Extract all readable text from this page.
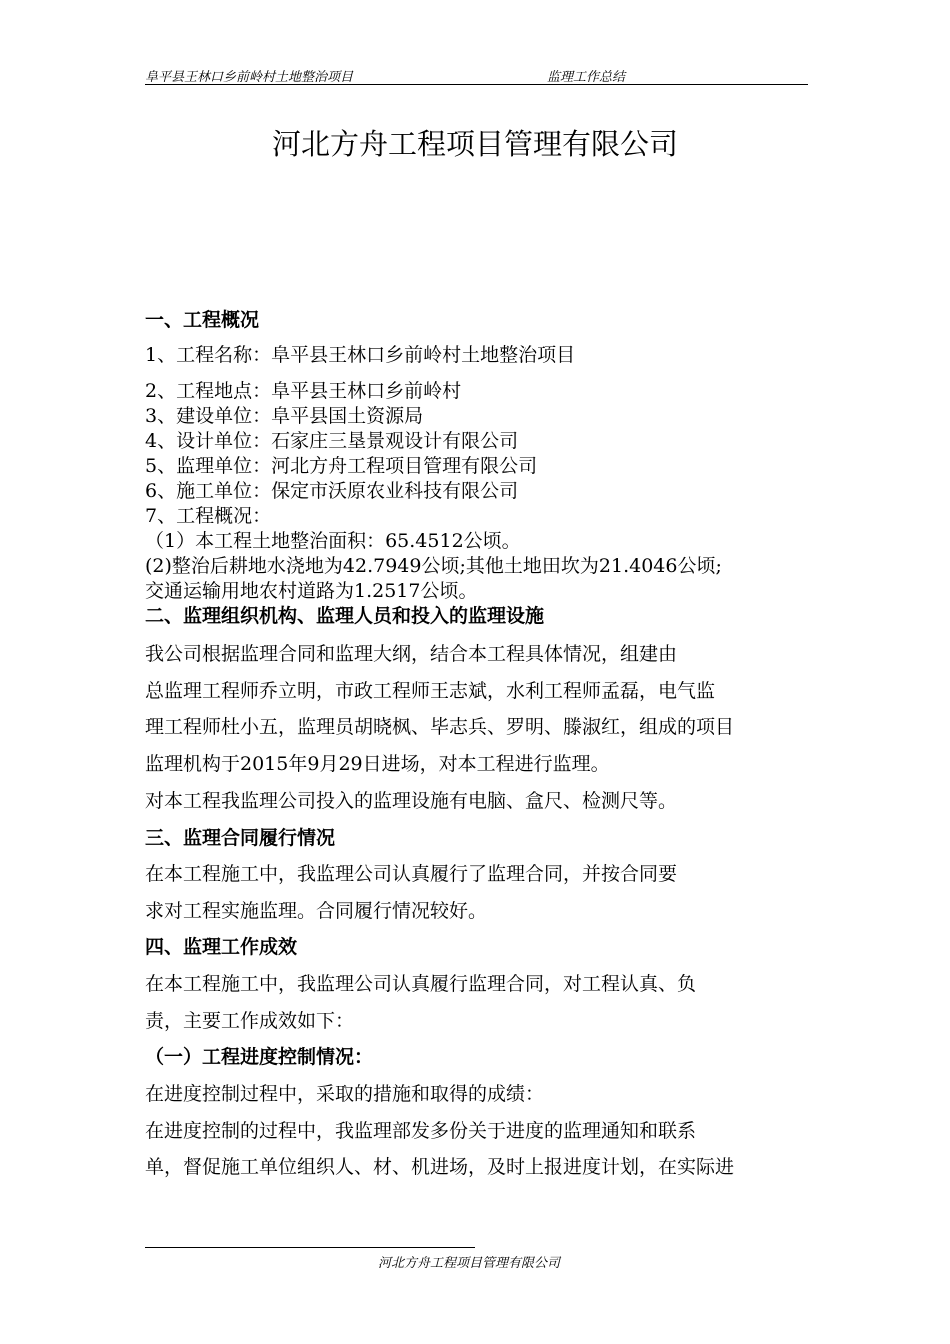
阜平县王林口乡前岭村土地整治项目	监理工作总结
河北方舟工程项目管理有限公司
一、工程概况
1、工程名称：阜平县王林口乡前岭村土地整治项目
2、工程地点：阜平县王林口乡前岭村
3、建设单位：阜平县国土资源局
4、设计单位：石家庄三垦景观设计有限公司
5、监理单位：河北方舟工程项目管理有限公司
6、施工单位：保定市沃原农业科技有限公司
7、工程概况：
（1）本工程土地整治面积：65.4512公顷。
(2)整治后耕地水浇地为42.7949公顷;其他土地田坎为21.4046公顷;
交通运输用地农村道路为1.2517公顷。
二、监理组织机构、监理人员和投入的监理设施
我公司根据监理合同和监理大纲，结合本工程具体情况，组建由
总监理工程师乔立明，市政工程师王志斌，水利工程师孟磊，电气监
理工程师杜小五，监理员胡晓枫、毕志兵、罗明、滕淑红，组成的项目
监理机构于2015年9月29日进场，对本工程进行监理。
对本工程我监理公司投入的监理设施有电脑、盒尺、检测尺等。
三、监理合同履行情况
在本工程施工中，我监理公司认真履行了监理合同，并按合同要
求对工程实施监理。合同履行情况较好。
四、监理工作成效
在本工程施工中，我监理公司认真履行监理合同，对工程认真、负
责，主要工作成效如下：
（一）工程进度控制情况：
在进度控制过程中，采取的措施和取得的成绩：
在进度控制的过程中，我监理部发多份关于进度的监理通知和联系
单，督促施工单位组织人、材、机进场，及时上报进度计划，在实际进
河北方舟工程项目管理有限公司
